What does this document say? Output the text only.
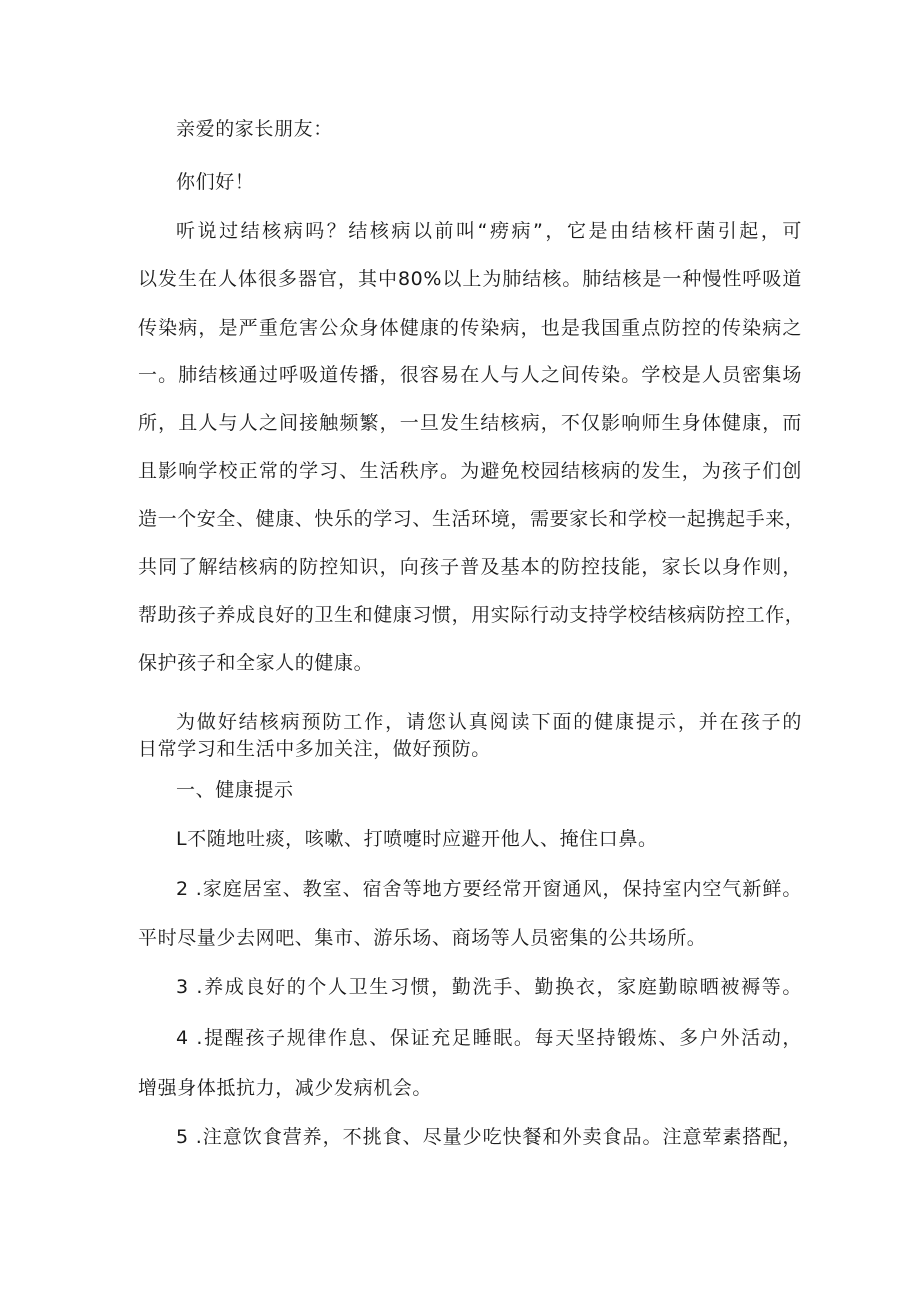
亲爱的家长朋友：
你们好！
听说过结核病吗？结核病以前叫“痨病”，它是由结核杆菌引起，可
以发生在人体很多器官，其中80%以上为肺结核。肺结核是一种慢性呼吸道
传染病，是严重危害公众身体健康的传染病，也是我国重点防控的传染病之
一。肺结核通过呼吸道传播，很容易在人与人之间传染。学校是人员密集场
所，且人与人之间接触频繁，一旦发生结核病，不仅影响师生身体健康，而
且影响学校正常的学习、生活秩序。为避免校园结核病的发生，为孩子们创
造一个安全、健康、快乐的学习、生活环境，需要家长和学校一起携起手来，
共同了解结核病的防控知识，向孩子普及基本的防控技能，家长以身作则，
帮助孩子养成良好的卫生和健康习惯，用实际行动支持学校结核病防控工作，
保护孩子和全家人的健康。
为做好结核病预防工作，请您认真阅读下面的健康提示，并在孩子的
日常学习和生活中多加关注，做好预防。
一、健康提示
L不随地吐痰，咳嗽、打喷嚏时应避开他人、掩住口鼻。
2 .家庭居室、教室、宿舍等地方要经常开窗通风，保持室内空气新鲜。
平时尽量少去网吧、集市、游乐场、商场等人员密集的公共场所。
3 .养成良好的个人卫生习惯，勤洗手、勤换衣，家庭勤晾晒被褥等。
4 .提醒孩子规律作息、保证充足睡眠。每天坚持锻炼、多户外活动，
增强身体抵抗力，减少发病机会。
5 .注意饮食营养，不挑食、尽量少吃快餐和外卖食品。注意荤素搭配，
